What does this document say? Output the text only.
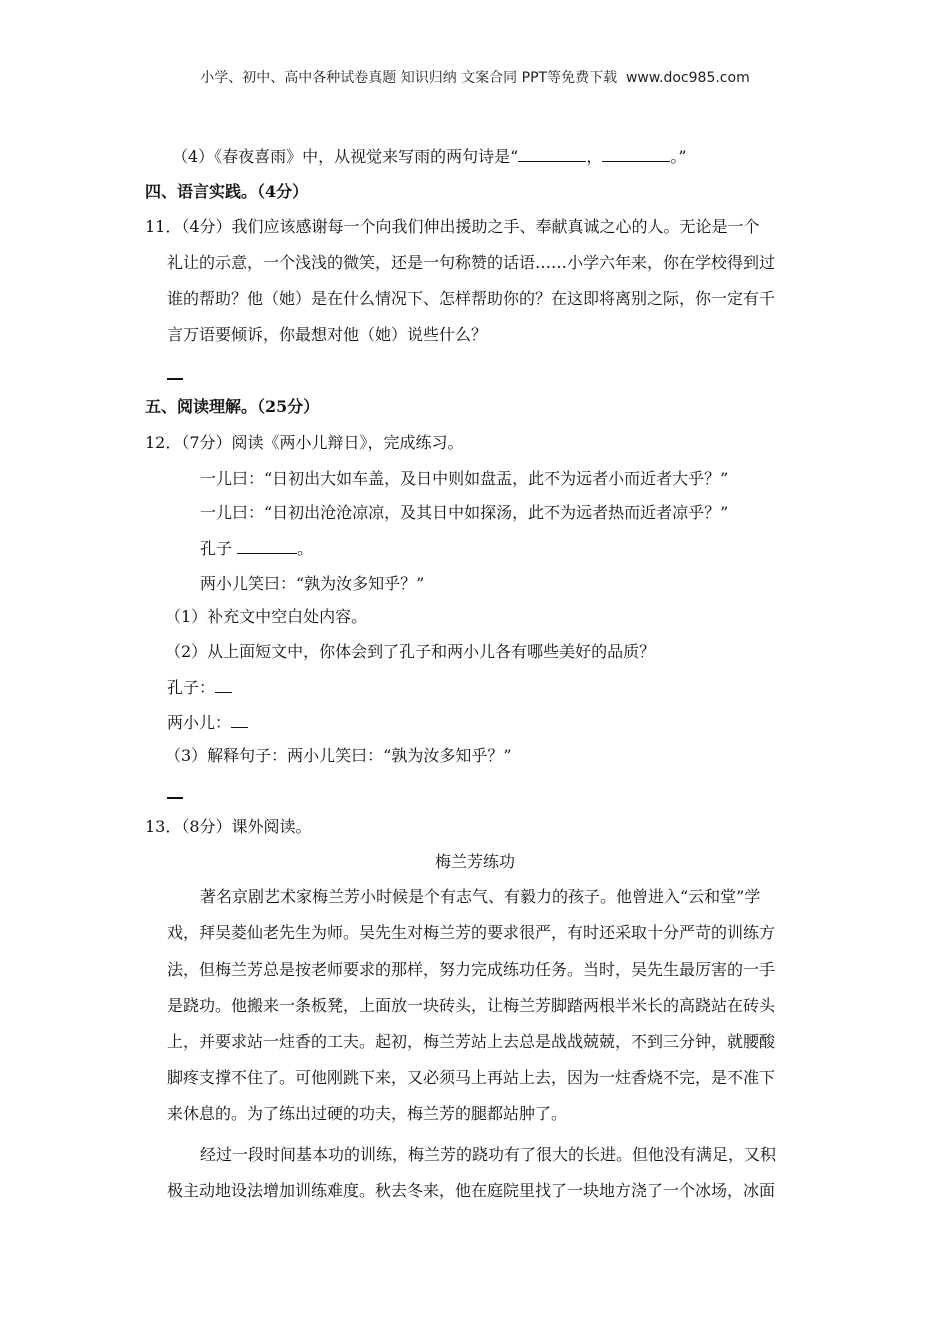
小学、初中、高中各种试卷真题 知识归纳 文案合同 PPT等免费下载  www.doc985.com
（4）《春夜喜雨》中，从视觉来写雨的两句诗是“	，	。”
四、语言实践。（4分）
11．（4分）我们应该感谢每一个向我们伸出援助之手、奉献真诚之心的人。无论是一个
礼让的示意，一个浅浅的微笑，还是一句称赞的话语……小学六年来，你在学校得到过
谁的帮助？他（她）是在什么情况下、怎样帮助你的？在这即将离别之际，你一定有千
言万语要倾诉，你最想对他（她）说些什么？
五、阅读理解。（25分）
12．（7分）阅读《两小儿辩日》，完成练习。
一儿曰：“日初出大如车盖，及日中则如盘盂，此不为远者小而近者大乎？”
一儿曰：“日初出沧沧凉凉，及其日中如探汤，此不为远者热而近者凉乎？”
孔子	。
两小儿笑曰：“孰为汝多知乎？”
（1）补充文中空白处内容。
（2）从上面短文中，你体会到了孔子和两小儿各有哪些美好的品质？
孔子：
两小儿：
（3）解释句子：两小儿笑曰：“孰为汝多知乎？”
13．（8分）课外阅读。
梅兰芳练功
著名京剧艺术家梅兰芳小时候是个有志气、有毅力的孩子。他曾进入“云和堂”学
戏，拜吴菱仙老先生为师。吴先生对梅兰芳的要求很严，有时还采取十分严苛的训练方
法，但梅兰芳总是按老师要求的那样，努力完成练功任务。当时，吴先生最厉害的一手
是跷功。他搬来一条板凳，上面放一块砖头，让梅兰芳脚踏两根半米长的高跷站在砖头
上，并要求站一炷香的工夫。起初，梅兰芳站上去总是战战兢兢，不到三分钟，就腰酸
脚疼支撑不住了。可他刚跳下来，又必须马上再站上去，因为一炷香烧不完，是不准下
来休息的。为了练出过硬的功夫，梅兰芳的腿都站肿了。
经过一段时间基本功的训练，梅兰芳的跷功有了很大的长进。但他没有满足，又积
极主动地设法增加训练难度。秋去冬来，他在庭院里找了一块地方浇了一个冰场，冰面
